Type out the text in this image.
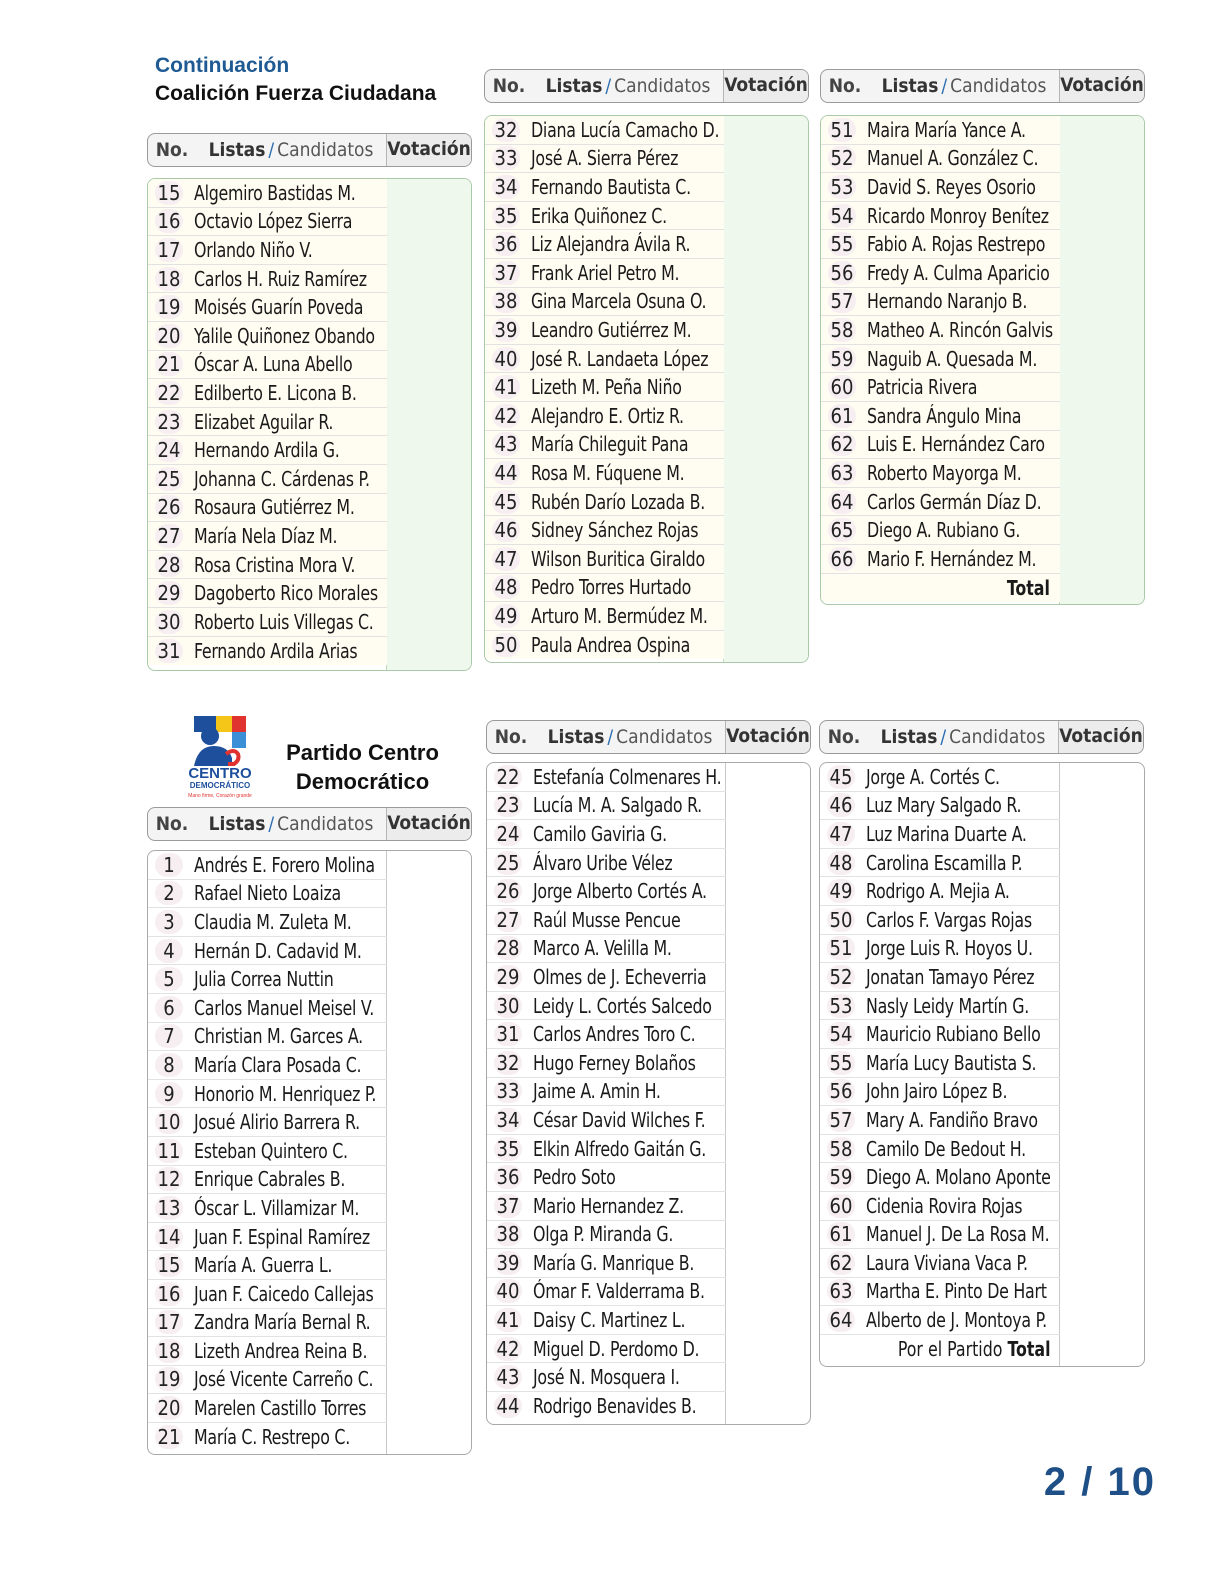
Continuación
Coalición Fuerza Ciudadana
No.	Listas / Candidatos Votación
15 Algemiro Bastidas M.
16 Octavio López Sierra
17 Orlando Niño V.
18 Carlos H. Ruiz Ramírez
19 Moisés Guarín Poveda
20 Yalile Quiñonez Obando
21 Óscar A. Luna Abello
22 Edilberto E. Licona B.
23 Elizabet Aguilar R.
24 Hernando Ardila G.
25 Johanna C. Cárdenas P.
26 Rosaura Gutiérrez M.
27 María Nela Díaz M.
28 Rosa Cristina Mora V.
29 Dagoberto Rico Morales
30 Roberto Luis Villegas C.
31 Fernando Ardila Arias
No.	Listas / Candidatos Votación
32 Diana Lucía Camacho D.
33 José A. Sierra Pérez
34 Fernando Bautista C.
35 Erika Quiñonez C.
36 Liz Alejandra Ávila R.
37 Frank Ariel Petro M.
38 Gina Marcela Osuna O.
39 Leandro Gutiérrez M.
40 José R. Landaeta López
41 Lizeth M. Peña Niño
42 Alejandro E. Ortiz R.
43 María Chileguit Pana
44 Rosa M. Fúquene M.
45 Rubén Darío Lozada B.
46 Sidney Sánchez Rojas
47 Wilson Buritica Giraldo
48 Pedro Torres Hurtado
49 Arturo M. Bermúdez M.
50 Paula Andrea Ospina
No.	Listas / Candidatos Votación
51 Maira María Yance A.
52 Manuel A. González C.
53 David S. Reyes Osorio
54 Ricardo Monroy Benítez
55 Fabio A. Rojas Restrepo
56 Fredy A. Culma Aparicio
57 Hernando Naranjo B.
58 Matheo A. Rincón Galvis
59 Naguib A. Quesada M.
60 Patricia Rivera
61 Sandra Ángulo Mina
62 Luis E. Hernández Caro
63 Roberto Mayorga M.
64 Carlos Germán Díaz D.
65 Diego A. Rubiano G.
66 Mario F. Hernández M.
Total
No.	Listas / Candidatos Votación
1 Andrés E. Forero Molina
2 Rafael Nieto Loaiza
3 Claudia M. Zuleta M.
4 Hernán D. Cadavid M.
5 Julia Correa Nuttin
6 Carlos Manuel Meisel V.
7 Christian M. Garces A.
8 María Clara Posada C.
9 Honorio M. Henriquez P.
10 Josué Alirio Barrera R.
11 Esteban Quintero C.
12 Enrique Cabrales B.
13 Óscar L. Villamizar M.
14 Juan F. Espinal Ramírez
15 María A. Guerra L.
16 Juan F. Caicedo Callejas
17 Zandra María Bernal R.
18 Lizeth Andrea Reina B.
19 José Vicente Carreño C.
20 Marelen Castillo Torres
21 María C. Restrepo C.
No.	Listas / Candidatos Votación
22 Estefanía Colmenares H.
23 Lucía M. A. Salgado R.
24 Camilo Gaviria G.
25 Álvaro Uribe Vélez
26 Jorge Alberto Cortés A.
27 Raúl Musse Pencue
28 Marco A. Velilla M.
29 Olmes de J. Echeverria
30 Leidy L. Cortés Salcedo
31 Carlos Andres Toro C.
32 Hugo Ferney Bolaños
33 Jaime A. Amin H.
34 César David Wilches F.
35 Elkin Alfredo Gaitán G.
36 Pedro Soto
37 Mario Hernandez Z.
38 Olga P. Miranda G.
39 María G. Manrique B.
40 Ómar F. Valderrama B.
41 Daisy C. Martinez L.
42 Miguel D. Perdomo D.
43 José N. Mosquera I.
44 Rodrigo Benavides B.
No.	Listas / Candidatos Votación
45 Jorge A. Cortés C.
46 Luz Mary Salgado R.
47 Luz Marina Duarte A.
48 Carolina Escamilla P.
49 Rodrigo A. Mejia A.
50 Carlos F. Vargas Rojas
51 Jorge Luis R. Hoyos U.
52 Jonatan Tamayo Pérez
53 Nasly Leidy Martín G.
54 Mauricio Rubiano Bello
55 María Lucy Bautista S.
56 John Jairo López B.
57 Mary A. Fandiño Bravo
58 Camilo De Bedout H.
59 Diego A. Molano Aponte
60 Cidenia Rovira Rojas
61 Manuel J. De La Rosa M.
62 Laura Viviana Vaca P.
63 Martha E. Pinto De Hart
64 Alberto de J. Montoya P.
Por el Partido Total
CENTRO
DEMOCRÁTICO
Mano firme, Corazón grande
Partido Centro
Democrático
2 / 10
